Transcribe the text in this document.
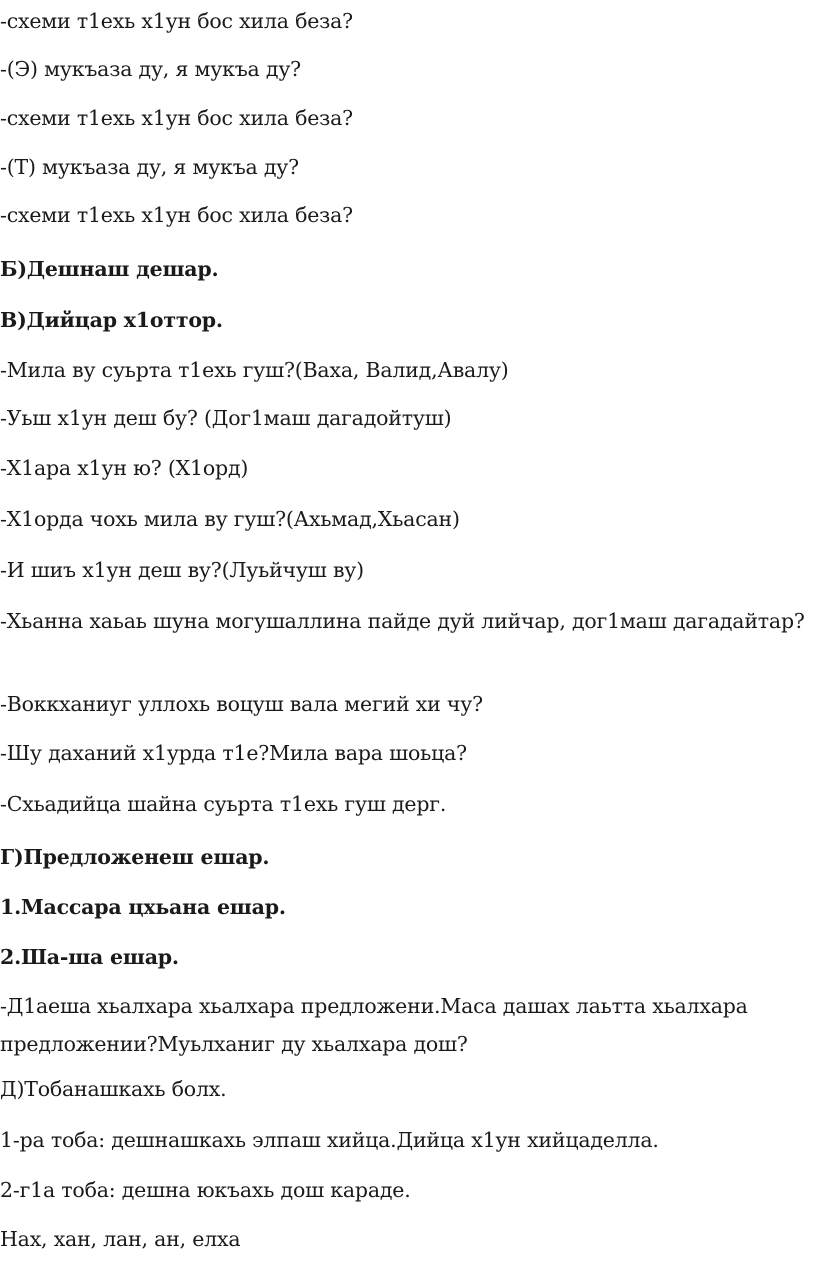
-схеми т1ехь х1ун бос хила беза?
-(Э) мукъаза ду, я мукъа ду?
-схеми т1ехь х1ун бос хила беза?
-(Т) мукъаза ду, я мукъа ду?
-схеми т1ехь х1ун бос хила беза?
Б)Дешнаш дешар.
В)Дийцар х1оттор.
-Мила ву суьрта т1ехь гуш?(Ваха, Валид,Авалу)
-Уьш х1ун деш бу? (Дог1маш дагадойтуш)
-Х1ара х1ун ю? (Х1орд)
-Х1орда чохь мила ву гуш?(Ахьмад,Хьасан)
-И шиъ х1ун деш ву?(Луьйчуш ву)
-Хьанна хаьаь шуна могушаллина пайде дуй лийчар, дог1маш дагадайтар?
-Воккханиуг уллохь воцуш вала мегий хи чу?
-Шу даханий х1урда т1е?Мила вара шоьца?
-Схьадийца шайна суьрта т1ехь гуш дерг.
Г)Предложенеш ешар.
1.Массара цхьана ешар.
2.Ша-ша ешар.
-Д1аеша хьалхара хьалхара предложени.Маса дашах лаьтта хьалхара предложении?Муьлханиг ду хьалхара дош?
Д)Тобанашкахь болх.
1-ра тоба: дешнашкахь элпаш хийца.Дийца х1ун хийцаделла.
2-г1а тоба: дешна юкъахь дош караде.
Нах, хан, лан, ан, елха
